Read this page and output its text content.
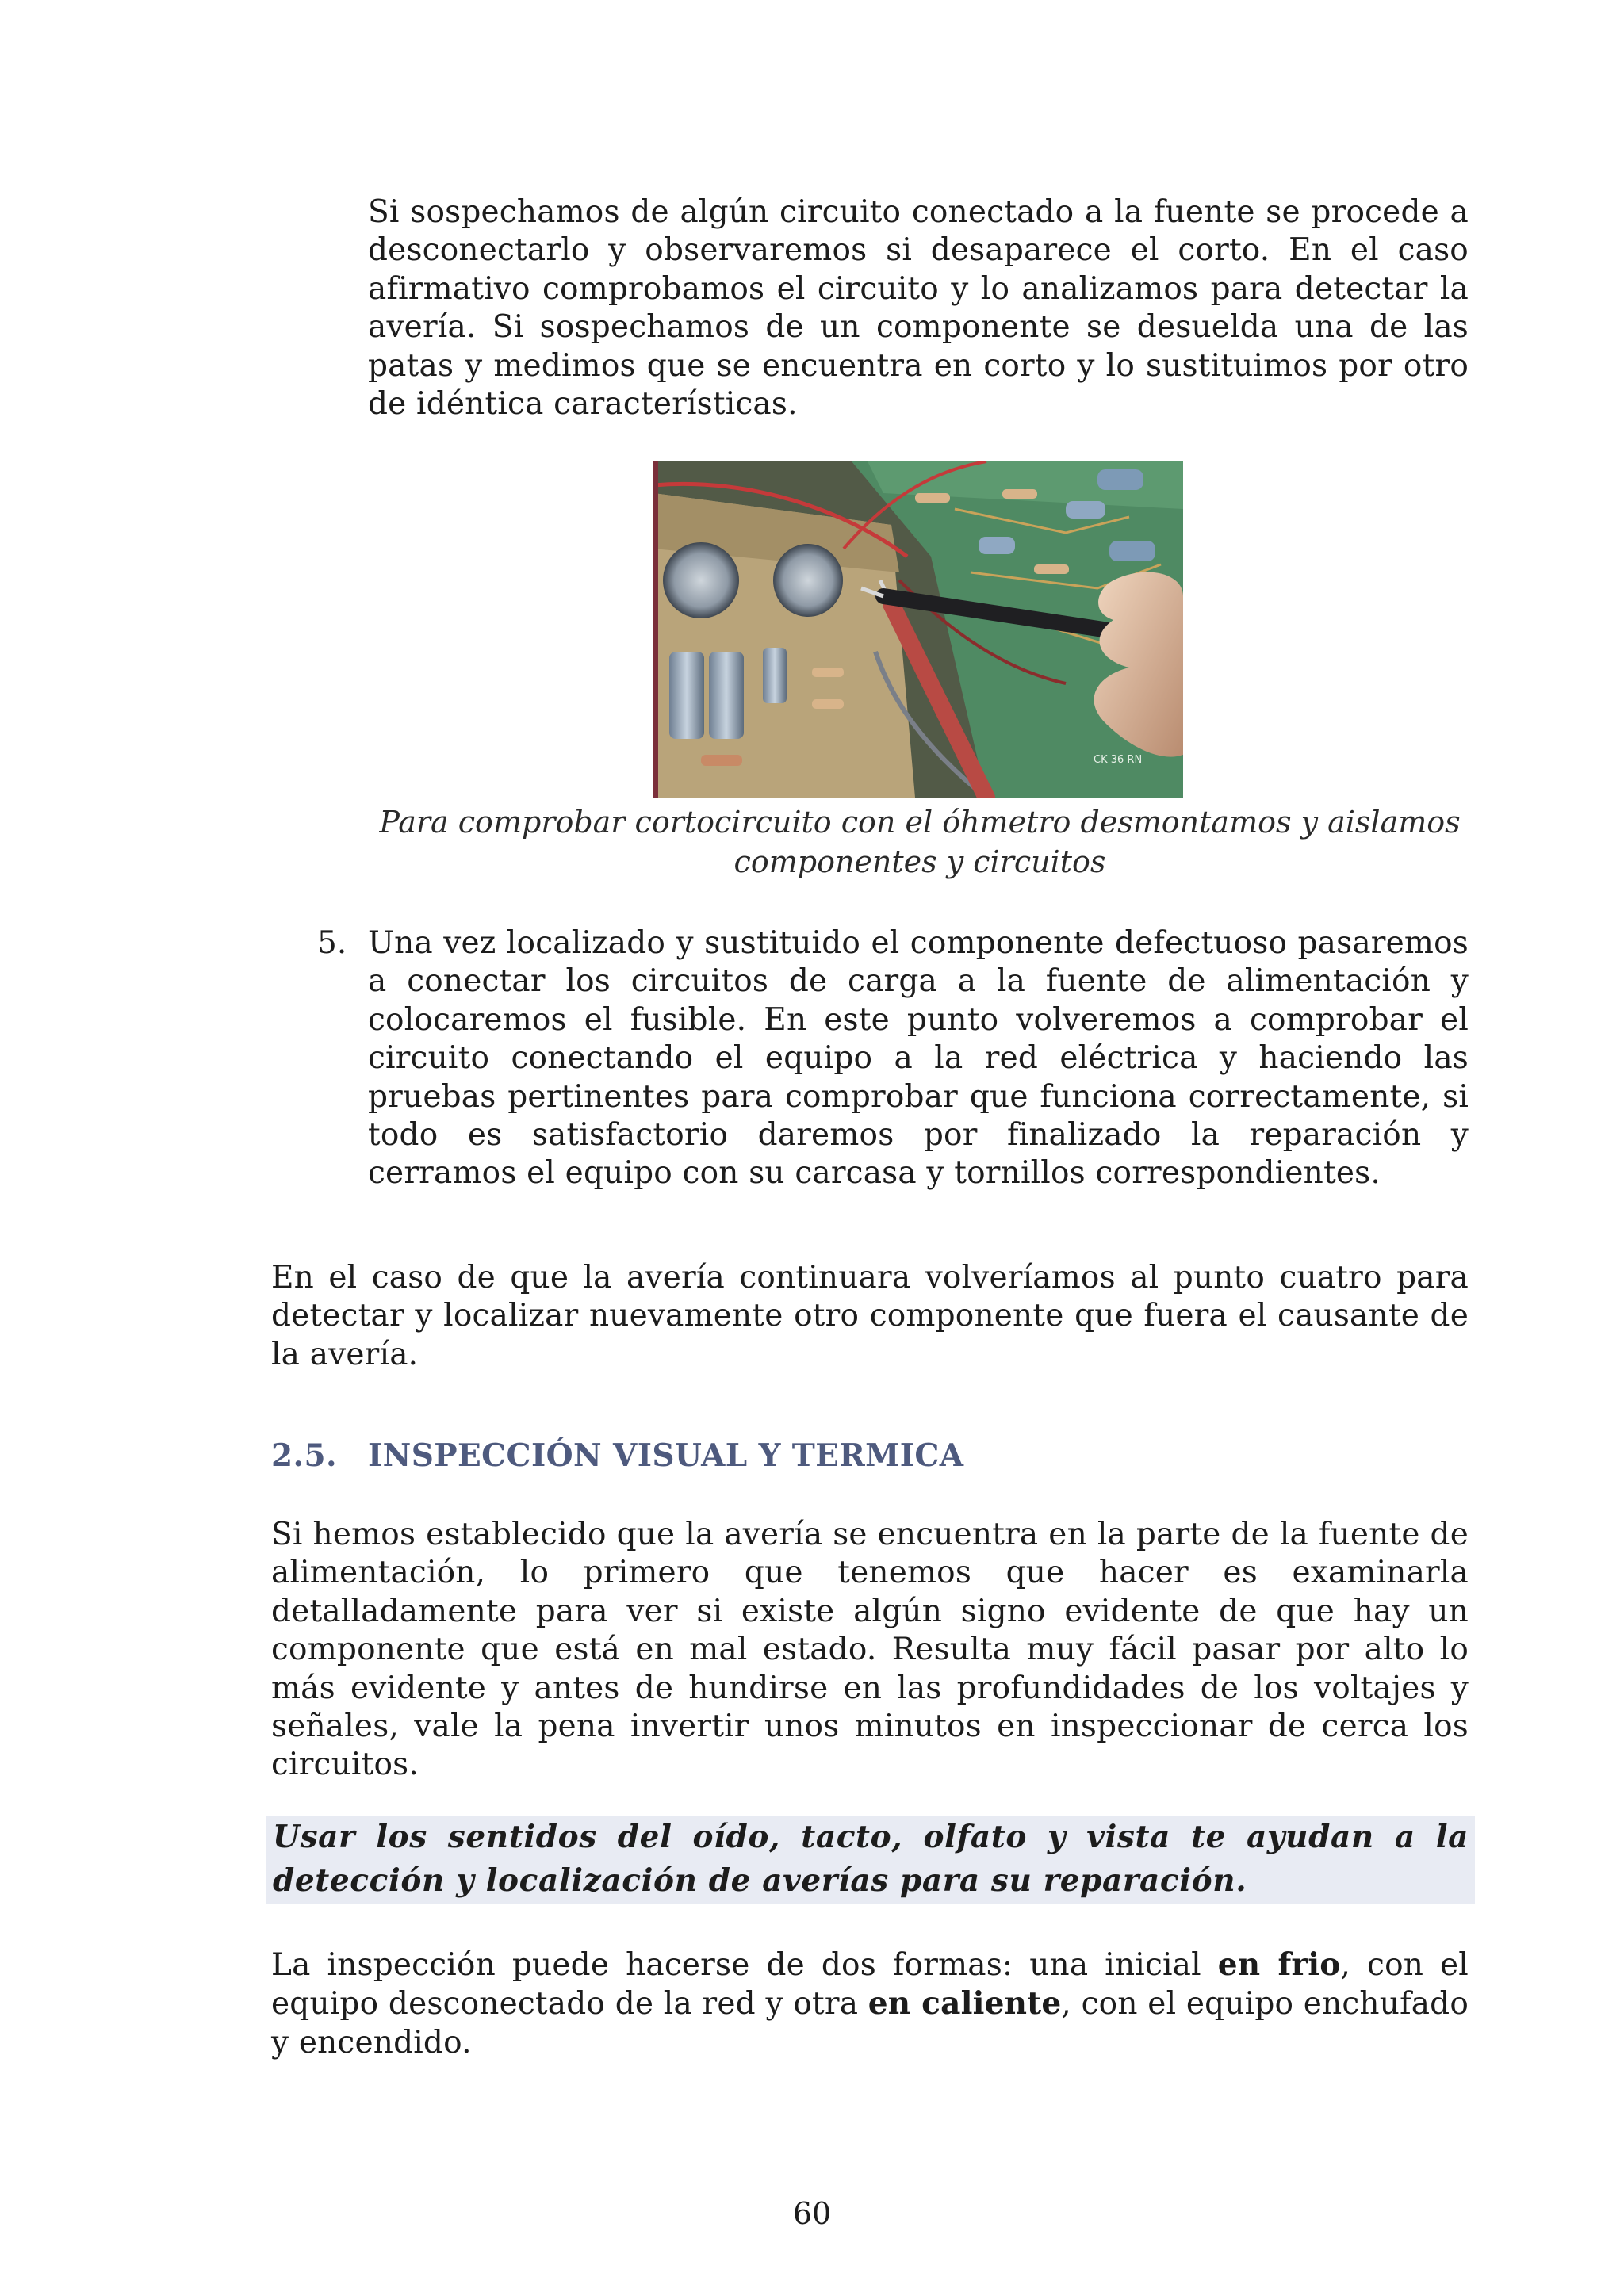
Si sospechamos de algún circuito conectado a la fuente se procede a desconectarlo y observaremos si desaparece el corto. En el caso afirmativo comprobamos el circuito y lo analizamos para detectar la avería. Si sospechamos de un componente se desuelda una de las patas y medimos que se encuentra en corto y lo sustituimos por otro de idéntica características.

CK 36 RN

Para comprobar cortocircuito con el óhmetro desmontamos y aislamos
componentes y circuitos

5. Una vez localizado y sustituido el componente defectuoso pasaremos a conectar los circuitos de carga a la fuente de alimentación y colocaremos el fusible. En este punto volveremos a comprobar el circuito conectando el equipo a la red eléctrica y haciendo las pruebas pertinentes para comprobar que funciona correctamente, si todo es satisfactorio daremos por finalizado la reparación y cerramos el equipo con su carcasa y tornillos correspondientes.

En el caso de que la avería continuara volveríamos al punto cuatro para detectar y localizar nuevamente otro componente que fuera el causante de la avería.

2.5. INSPECCIÓN VISUAL Y TERMICA

Si hemos establecido que la avería se encuentra en la parte de la fuente de alimentación, lo primero que tenemos que hacer es examinarla detalladamente para ver si existe algún signo evidente de que hay un componente que está en mal estado. Resulta muy fácil pasar por alto lo más evidente y antes de hundirse en las profundidades de los voltajes y señales, vale la pena invertir unos minutos en inspeccionar de cerca los circuitos.

Usar los sentidos del oído, tacto, olfato y vista te ayudan a la detección y localización de averías para su reparación.

La inspección puede hacerse de dos formas: una inicial en frio, con el equipo desconectado de la red y otra en caliente, con el equipo enchufado y encendido.

60
